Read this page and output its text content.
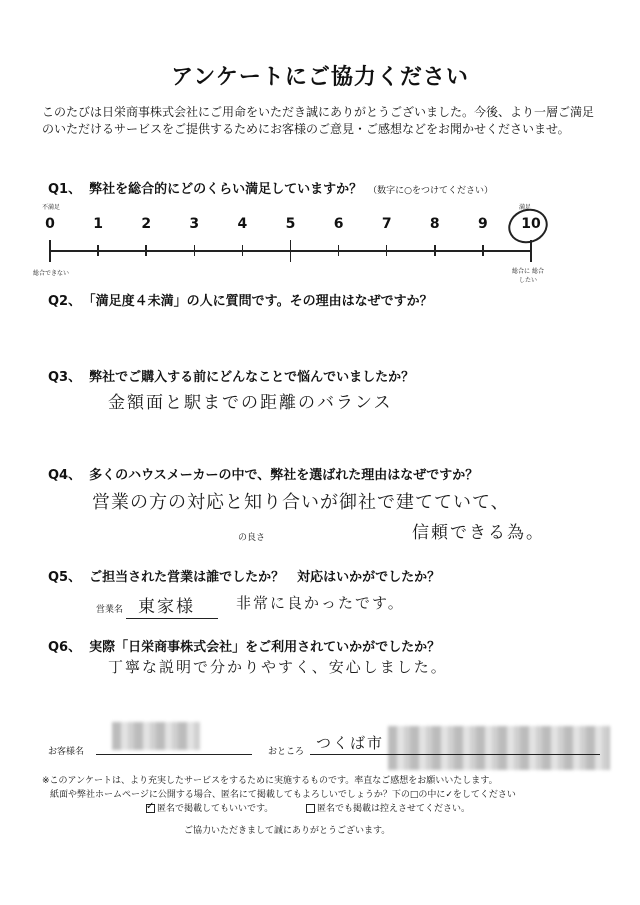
アンケートにご協力ください
このたびは日栄商事株式会社にご用命をいただき誠にありがとうございました。今後、より一層ご満足のいただけるサービスをご提供するためにお客様のご意見・ご感想などをお聞かせくださいませ。
Q1、 弊社を総合的にどのくらい満足していますか？ （数字に○をつけてください）
不満足	満足
総合できない	総合に 総合したい
0	1	2	3	4	5	6	7	8	9	10
Q2、 「満足度４未満」の人に質問です。その理由はなぜですか？
Q3、 弊社でご購入する前にどんなことで悩んでいましたか？
金額面と駅までの距離のバランス
Q4、 多くのハウスメーカーの中で、弊社を選ばれた理由はなぜですか？
営業の方の対応と知り合いが御社で建てていて、
の良さ	信頼できる為。
Q5、 ご担当された営業は誰でしたか？　対応はいかがでしたか？
営業名 東家様	非常に良かったです。
Q6、 実際「日栄商事株式会社」をご利用されていかがでしたか？
丁寧な説明で分かりやすく、安心しました。
お客様名	おところ つくば市
※このアンケートは、より充実したサービスをするために実施するものです。率直なご感想をお願いいたします。
紙面や弊社ホームページに公開する場合、匿名にて掲載してもよろしいでしょうか？下の□の中に✓をしてください
✓ 匿名で掲載してもいいです。	匿名でも掲載は控えさせてください。
ご協力いただきまして誠にありがとうございます。
